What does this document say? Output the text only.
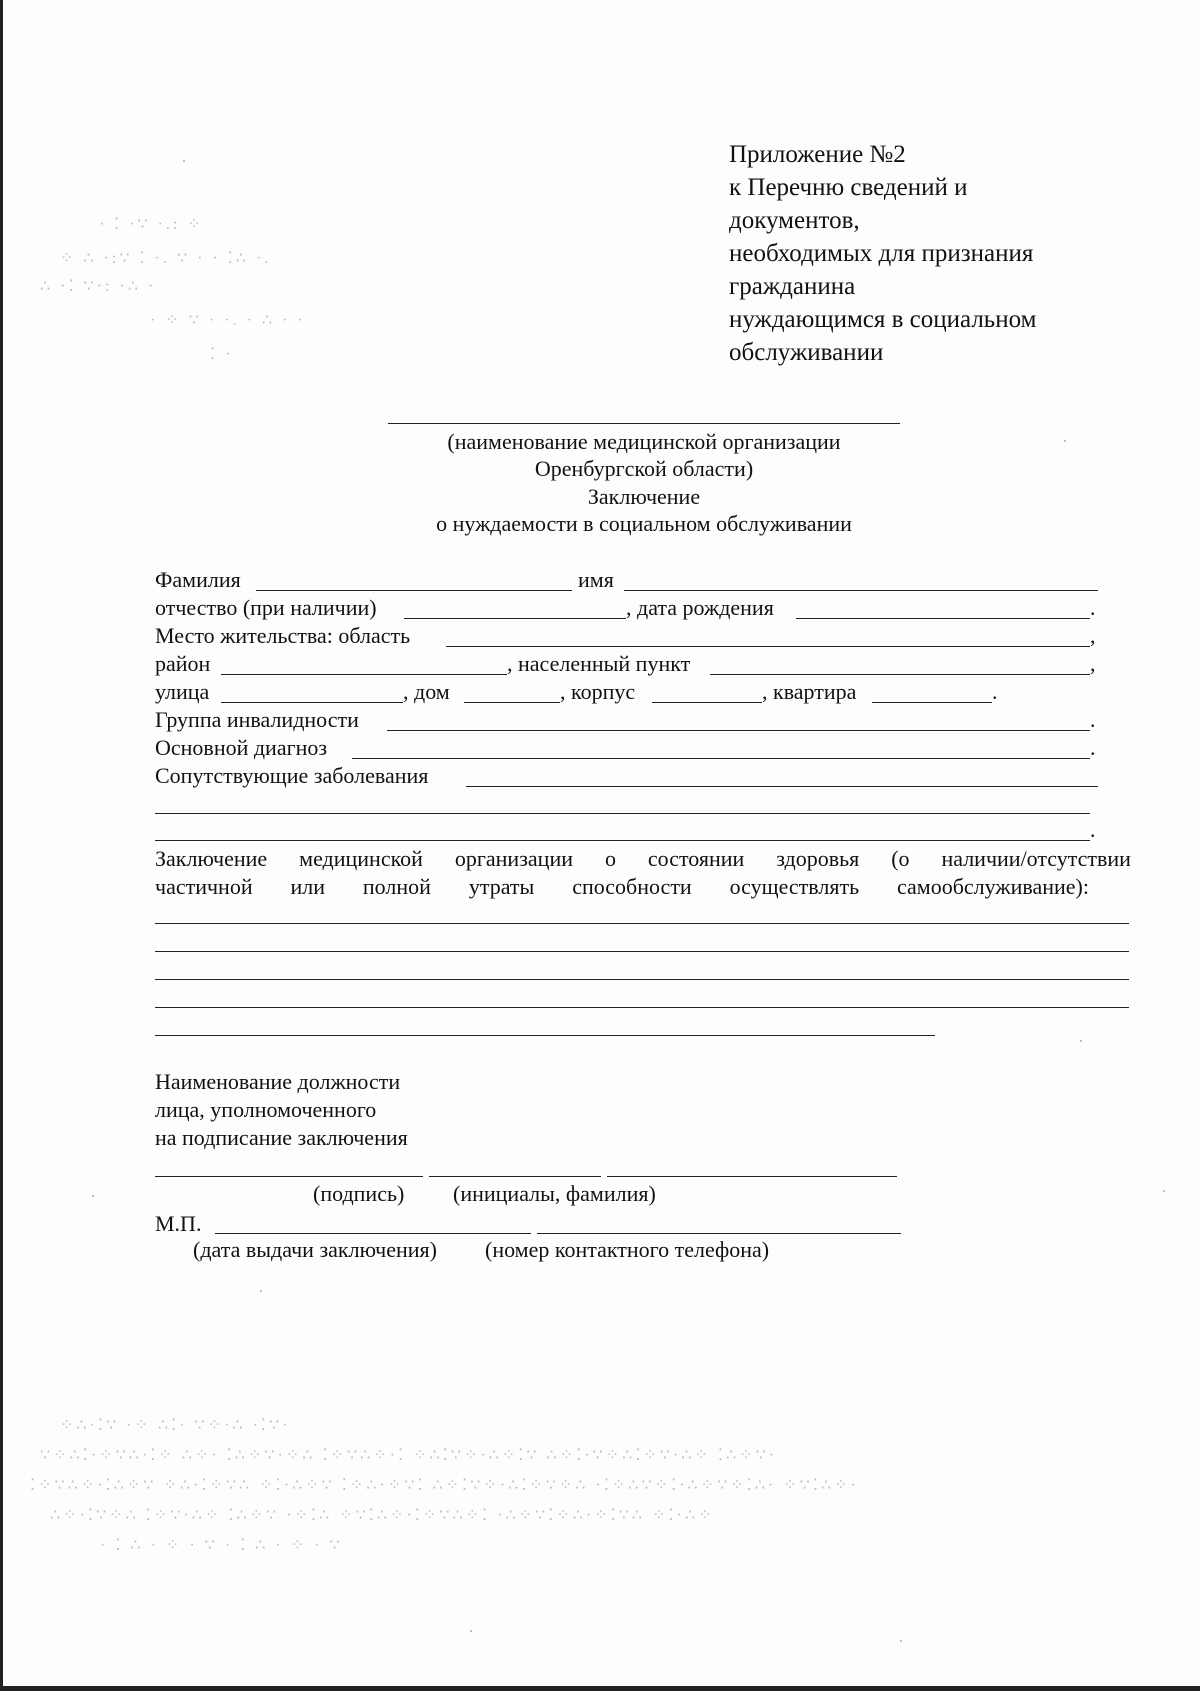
∙ ⁚ ·∵ ·.: ⁘
⁘ ∴ ·:∵ ⁚ ·. ∵ · · ⁚∴ ·.
∴ ·⁚ ∵·: ·∴ ·
· ⁘ ∵ · ·. · ∴ · ·
⁚ ·
Приложение №2
к Перечню сведений и
документов,
необходимых для признания
гражданина
нуждающимся в социальном
обслуживании
(наименование медицинской организации
Оренбургской области)
Заключение
о нуждаемости в социальном обслуживании
Фамилия	имя
отчество (при наличии)	, дата рождения	.
Место жительства: область	,
район	, населенный пункт	,
улица	, дом	, корпус	, квартира	.
Группа инвалидности	.
Основной диагноз	.
Сопутствующие заболевания
.
Заключение медицинской организации о состоянии здоровья (о наличии/отсутствии
частичной или полной утраты способности осуществлять самообслуживание):
Наименование должности
лица, уполномоченного
на подписание заключения
(подпись) (инициалы, фамилия)
М.П.
(дата выдачи заключения) (номер контактного телефона)
⁘∴·⁚∵ ·⁘ ∴⁚· ∵⁘·∴ ·⁚∵·
∵⁘∴⁚·⁘∵∴·⁚⁘ ∴⁘· ⁚∴⁘∵·⁘∴ ⁚⁘∵∴⁘·⁚ ⁘∴⁚∵⁘·∴⁘⁚∵ ∴⁘⁚·∵⁘∴⁚⁘∵·∴⁘ ⁚∴⁘∵·
⁚⁘∵∴⁘·⁚∴⁘∵ ⁘∴·⁚⁘∵∴ ⁘⁚·∴⁘∵ ⁚⁘∴·⁘∵⁚ ∴⁘⁚∵⁘·∴⁚⁘∵⁘∴ ·⁚⁘∴∵⁘⁚·∴⁘∵⁘⁚∴· ⁘∵⁚∴⁘·
∴⁘·⁚∵⁘∴ ⁚⁘∵·∴⁘ ⁚∴⁘∵ ·⁘⁚∴ ⁘∵⁚∴⁘·⁚⁘∵∴⁘⁚ ·∴⁘∵⁚⁘∴·⁘⁚∵∴ ⁘⁚·∴⁘
· ⁚ ∴ · ⁘ · ∵ · ⁚ ∴ · ⁘ · ∵
